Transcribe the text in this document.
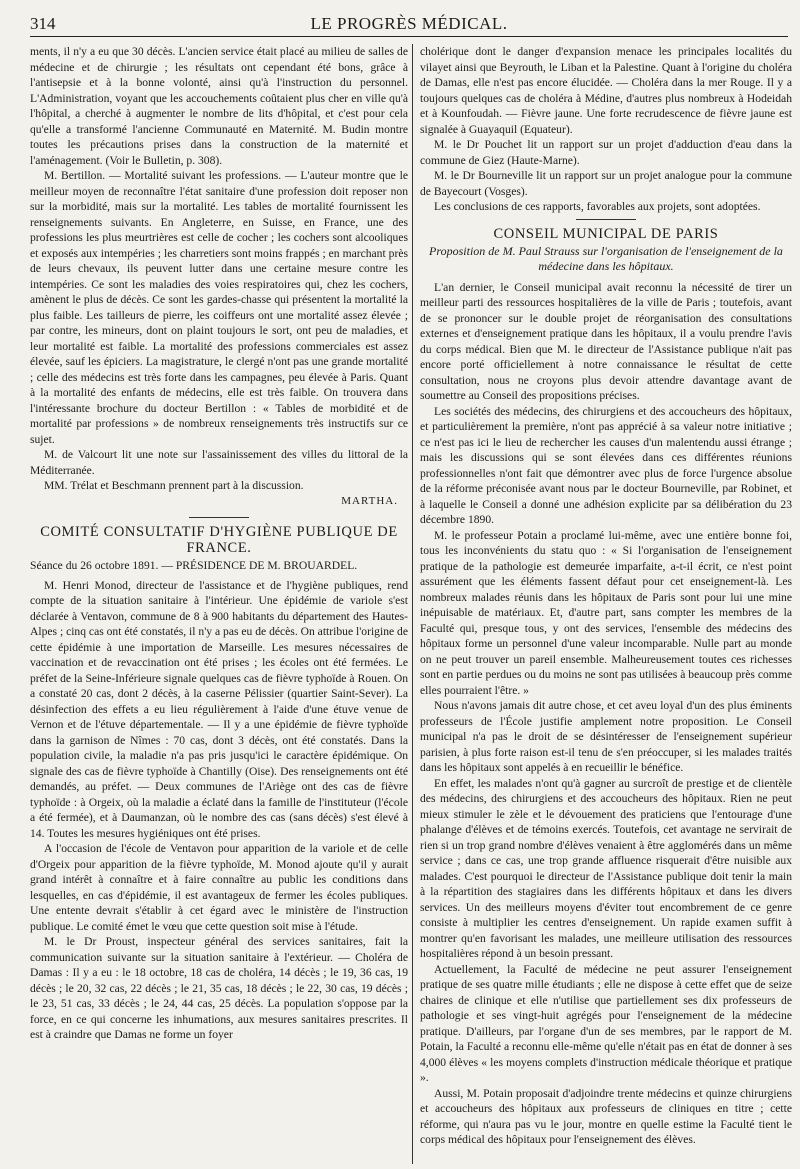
314	LE PROGRÈS MÉDICAL.

ments, il n'y a eu que 30 décès. L'ancien service était placé au milieu de salles de médecine et de chirurgie ; les résultats ont cependant été bons, grâce à l'antisepsie et à la bonne volonté, ainsi qu'à l'instruction du personnel. L'Administration, voyant que les accouchements coûtaient plus cher en ville qu'à l'hôpital, a cherché à augmenter le nombre de lits d'hôpital, et c'est pour cela qu'elle a transformé l'ancienne Communauté en Maternité. M. Budin montre toutes les précautions prises dans la construction de la maternité et l'aménagement. (Voir le Bulletin, p. 308).

M. Bertillon. — Mortalité suivant les professions. — L'auteur montre que le meilleur moyen de reconnaître l'état sanitaire d'une profession doit reposer non sur la morbidité, mais sur la mortalité. Les tables de mortalité fournissent les renseignements suivants. En Angleterre, en Suisse, en France, une des professions les plus meurtrières est celle de cocher ; les cochers sont alcooliques et exposés aux intempéries ; les charretiers sont moins frappés ; en marchant près de leurs chevaux, ils peuvent lutter dans une certaine mesure contre les intempéries. Ce sont les maladies des voies respiratoires qui, chez les cochers, amènent le plus de décès. Ce sont les gardes-chasse qui présentent la mortalité la plus faible. Les tailleurs de pierre, les coiffeurs ont une mortalité assez élevée ; par contre, les mineurs, dont on plaint toujours le sort, ont peu de maladies, et leur mortalité est faible. La mortalité des professions commerciales est assez élevée, sauf les épiciers. La magistrature, le clergé n'ont pas une grande mortalité ; celle des médecins est très forte dans les campagnes, peu élevée à Paris. Quant à la mortalité des enfants de médecins, elle est très faible. On trouvera dans l'intéressante brochure du docteur Bertillon : « Tables de morbidité et de mortalité par professions » de nombreux renseignements très instructifs sur ce sujet.

M. de Valcourt lit une note sur l'assainissement des villes du littoral de la Méditerranée.

MM. Trélat et Beschmann prennent part à la discussion.

MARTHA.
COMITÉ CONSULTATIF D'HYGIÈNE PUBLIQUE DE FRANCE.

Séance du 26 octobre 1891. — PRÉSIDENCE DE M. BROUARDEL.

M. Henri Monod, directeur de l'assistance et de l'hygiène publiques, rend compte de la situation sanitaire à l'intérieur. Une épidémie de variole s'est déclarée à Ventavon, commune de 8 à 900 habitants du département des Hautes-Alpes ; cinq cas ont été constatés, il n'y a pas eu de décès. On attribue l'origine de cette épidémie à une importation de Marseille. Les mesures nécessaires de vaccination et de revaccination ont été prises ; les écoles ont été fermées. Le préfet de la Seine-Inférieure signale quelques cas de fièvre typhoïde à Rouen. On a constaté 20 cas, dont 2 décès, à la caserne Pélissier (quartier Saint-Sever). La désinfection des effets a eu lieu régulièrement à l'aide d'une étuve venue de Vernon et de l'étuve départementale. — Il y a une épidémie de fièvre typhoïde dans la garnison de Nîmes : 70 cas, dont 3 décès, ont été constatés. Dans la population civile, la maladie n'a pas pris jusqu'ici le caractère épidémique. On signale des cas de fièvre typhoïde à Chantilly (Oise). Des renseignements ont été demandés, au préfet. — Deux communes de l'Ariège ont des cas de fièvre typhoïde : à Orgeix, où la maladie a éclaté dans la famille de l'instituteur (l'école a été fermée), et à Daumanzan, où le nombre des cas (sans décès) s'est élevé à 14. Toutes les mesures hygiéniques ont été prises.

A l'occasion de l'école de Ventavon pour apparition de la variole et de celle d'Orgeix pour apparition de la fièvre typhoïde, M. Monod ajoute qu'il y aurait grand intérêt à connaître et à faire connaître au public les conditions dans lesquelles, en cas d'épidémie, il est avantageux de fermer les écoles publiques. Une entente devrait s'établir à cet égard avec le ministère de l'instruction publique. Le comité émet le vœu que cette question soit mise à l'étude.

M. le Dr Proust, inspecteur général des services sanitaires, fait la communication suivante sur la situation sanitaire à l'extérieur. — Choléra de Damas : Il y a eu : le 18 octobre, 18 cas de choléra, 14 décès ; le 19, 36 cas, 19 décès ; le 20, 32 cas, 22 décès ; le 21, 35 cas, 18 décès ; le 22, 30 cas, 19 décès ; le 23, 51 cas, 33 décès ; le 24, 44 cas, 25 décès. La population s'oppose par la force, en ce qui concerne les inhumations, aux mesures sanitaires prescrites. Il est à craindre que Damas ne forme un foyer

cholérique dont le danger d'expansion menace les principales localités du vilayet ainsi que Beyrouth, le Liban et la Palestine. Quant à l'origine du choléra de Damas, elle n'est pas encore élucidée. — Choléra dans la mer Rouge. Il y a toujours quelques cas de choléra à Médine, d'autres plus nombreux à Hodeidah et à Kounfoudah. — Fièvre jaune. Une forte recrudescence de fièvre jaune est signalée à Guayaquil (Equateur).

M. le Dr Pouchet lit un rapport sur un projet d'adduction d'eau dans la commune de Giez (Haute-Marne).

M. le Dr Bourneville lit un rapport sur un projet analogue pour la commune de Bayecourt (Vosges).

Les conclusions de ces rapports, favorables aux projets, sont adoptées.

CONSEIL MUNICIPAL DE PARIS
Proposition de M. Paul Strauss sur l'organisation de l'enseignement de la médecine dans les hôpitaux.

L'an dernier, le Conseil municipal avait reconnu la nécessité de tirer un meilleur parti des ressources hospitalières de la ville de Paris ; toutefois, avant de se prononcer sur le double projet de réorganisation des consultations externes et d'enseignement pratique dans les hôpitaux, il a voulu prendre l'avis du corps médical. Bien que M. le directeur de l'Assistance publique n'ait pas encore porté officiellement à notre connaissance le résultat de cette consultation, nous ne croyons plus devoir attendre davantage avant de soumettre au Conseil des propositions précises.

Les sociétés des médecins, des chirurgiens et des accoucheurs des hôpitaux, et particulièrement la première, n'ont pas apprécié à sa valeur notre initiative ; ce n'est pas ici le lieu de rechercher les causes d'un malentendu aussi étrange ; mais les discussions qui se sont élevées dans ces différentes réunions professionnelles n'ont fait que démontrer avec plus de force l'urgence absolue de la réforme préconisée avant nous par le docteur Bourneville, par Robinet, et à laquelle le Conseil a donné une adhésion explicite par sa délibération du 23 décembre 1890.

M. le professeur Potain a proclamé lui-même, avec une entière bonne foi, tous les inconvénients du statu quo : « Si l'organisation de l'enseignement pratique de la pathologie est demeurée imparfaite, a-t-il écrit, ce n'est point assurément que les éléments fassent défaut pour cet enseignement-là. Les nombreux malades réunis dans les hôpitaux de Paris sont pour lui une mine inépuisable de matériaux. Et, d'autre part, sans compter les membres de la Faculté qui, presque tous, y ont des services, l'ensemble des médecins des hôpitaux forme un personnel d'une valeur incomparable. Nulle part au monde on ne peut trouver un pareil ensemble. Malheureusement toutes ces richesses sont en partie perdues ou du moins ne sont pas utilisées à beaucoup près comme elles pourraient l'être. »

Nous n'avons jamais dit autre chose, et cet aveu loyal d'un des plus éminents professeurs de l'École justifie amplement notre proposition. Le Conseil municipal n'a pas le droit de se désintéresser de l'enseignement supérieur parisien, à plus forte raison est-il tenu de s'en préoccuper, si les malades traités dans les hôpitaux sont appelés à en recueillir le bénéfice.

En effet, les malades n'ont qu'à gagner au surcroît de prestige et de clientèle des médecins, des chirurgiens et des accoucheurs des hôpitaux. Rien ne peut mieux stimuler le zèle et le dévouement des praticiens que l'entourage d'une phalange d'élèves et de témoins exercés. Toutefois, cet avantage ne servirait de rien si un trop grand nombre d'élèves venaient à être agglomérés dans un même service ; dans ce cas, une trop grande affluence risquerait d'être nuisible aux malades. C'est pourquoi le directeur de l'Assistance publique doit tenir la main à la répartition des stagiaires dans les différents hôpitaux et dans les divers services. Un des meilleurs moyens d'éviter tout encombrement de ce genre consiste à multiplier les centres d'enseignement. Un rapide examen suffit à montrer qu'en favorisant les malades, une meilleure utilisation des ressources hospitalières répond à un besoin pressant.

Actuellement, la Faculté de médecine ne peut assurer l'enseignement pratique de ses quatre mille étudiants ; elle ne dispose à cette effet que de seize chaires de clinique et elle n'utilise que partiellement ses dix professeurs de pathologie et ses vingt-huit agrégés pour l'enseignement de la médecine pratique. D'ailleurs, par l'organe d'un de ses membres, par le rapport de M. Potain, la Faculté a reconnu elle-même qu'elle n'était pas en état de donner à ses 4,000 élèves « les moyens complets d'instruction médicale théorique et pratique ».

Aussi, M. Potain proposait d'adjoindre trente médecins et quinze chirurgiens et accoucheurs des hôpitaux aux professeurs de cliniques en titre ; cette réforme, qui n'aura pas vu le jour, montre en quelle estime la Faculté tient le corps médical des hôpitaux pour l'enseignement des élèves.
